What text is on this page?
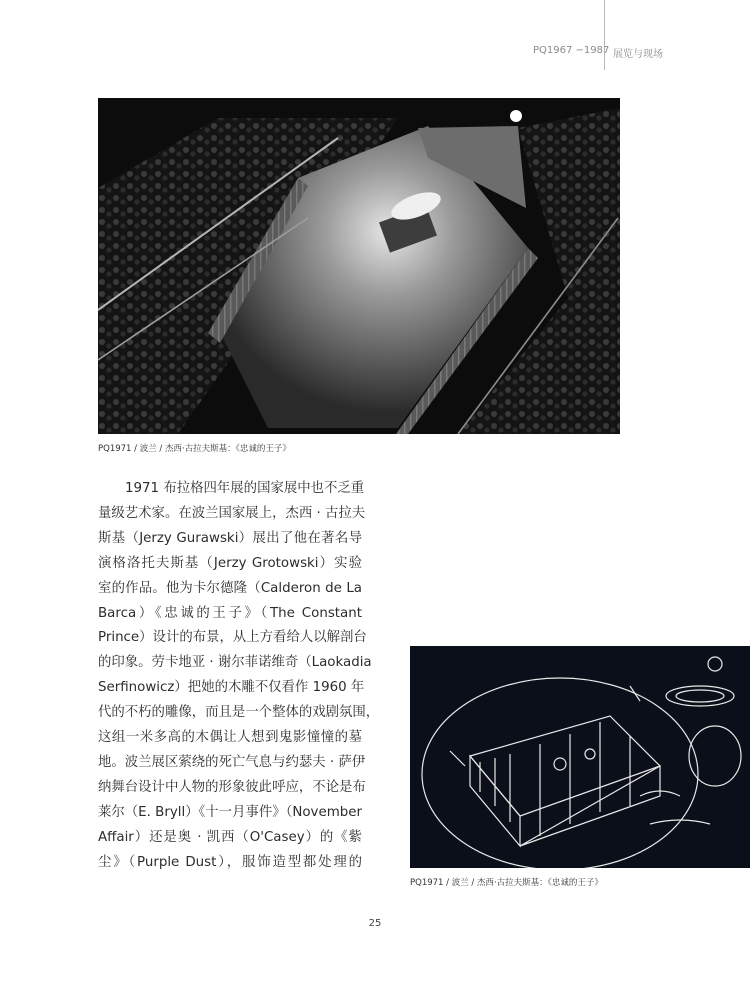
PQ1967 −1987 展览与现场
PQ1971 / 波兰 / 杰西·古拉夫斯基：《忠诚的王子》
1971 布拉格四年展的国家展中也不乏重
量级艺术家。在波兰国家展上，杰西 · 古拉夫
斯基（Jerzy Gurawski）展出了他在著名导
演格洛托夫斯基（Jerzy Grotowski）实验
室的作品。他为卡尔德隆（Calderon de La
Barca）《忠诚的王子》（The Constant
Prince）设计的布景，从上方看给人以解剖台
的印象。劳卡地亚 · 谢尔菲诺维奇（Laokadia
Serfinowicz）把她的木雕不仅看作 1960 年
代的不朽的雕像，而且是一个整体的戏剧氛围，
这组一米多高的木偶让人想到鬼影憧憧的墓
地。波兰展区萦绕的死亡气息与约瑟夫 · 萨伊
纳舞台设计中人物的形象彼此呼应，不论是布
莱尔（E. Bryll）《十一月事件》（November
Affair）还是奥 · 凯西（O'Casey）的《紫
尘》（Purple Dust），服饰造型都处理的
PQ1971 / 波兰 / 杰西·古拉夫斯基：《忠诚的王子》
25
